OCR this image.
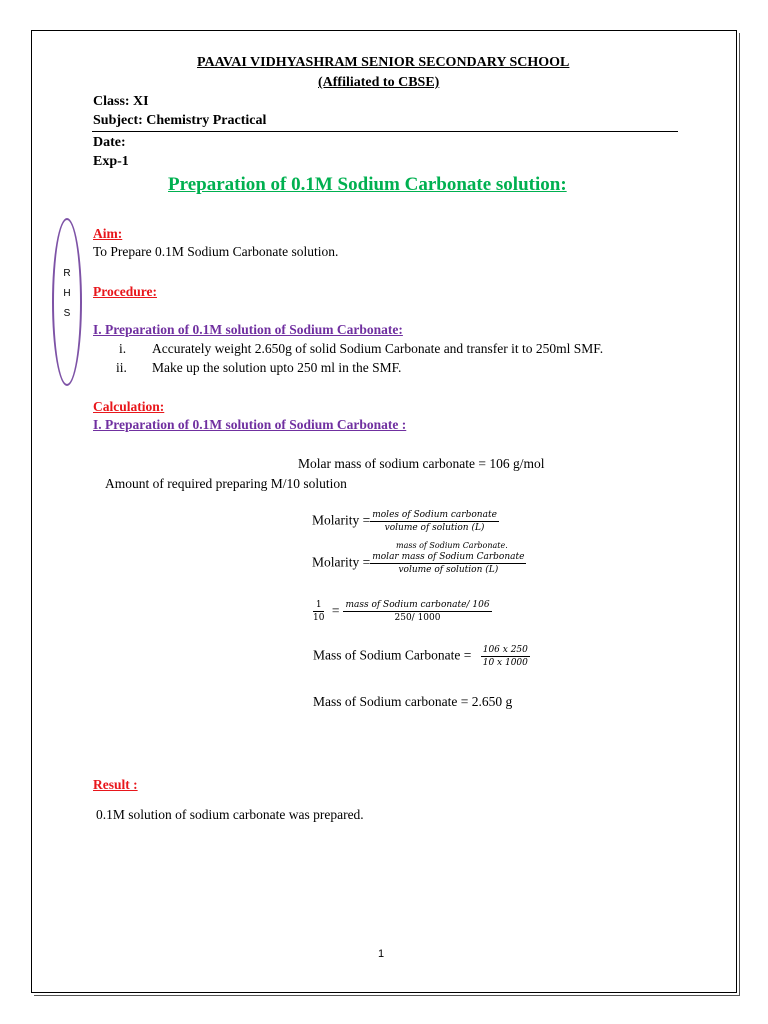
PAAVAI VIDHYASHRAM SENIOR SECONDARY SCHOOL
(Affiliated to CBSE)
Class: XI
Subject: Chemistry Practical
Date:
Exp-1
Preparation of 0.1M Sodium Carbonate solution:
R
H
S
Aim:
To Prepare 0.1M Sodium Carbonate solution.
Procedure:
I. Preparation of 0.1M solution of Sodium Carbonate:
i. Accurately weight 2.650g of solid Sodium Carbonate and transfer it to 250ml SMF.
ii. Make up the solution upto 250 ml in the SMF.
Calculation:
I. Preparation of 0.1M solution of Sodium Carbonate :
Molar mass of sodium carbonate = 106 g/mol
Amount of required preparing M/10 solution
Molarity = $\frac{\text{moles of Sodium carbonate}}{\text{volume of solution (L)}}$
mass of Sodium Carbonate.
Molarity = $\frac{\text{molar mass of Sodium Carbonate}}{\text{volume of solution (L)}}$
$\frac{1}{10} = \frac{\text{mass of Sodium carbonate/ 106}}{250/ 1000}$
Mass of Sodium Carbonate = $\frac{106 x 250}{10 x 1000}$
Mass of Sodium carbonate = 2.650 g
Result :
0.1M solution of sodium carbonate was prepared.
1
